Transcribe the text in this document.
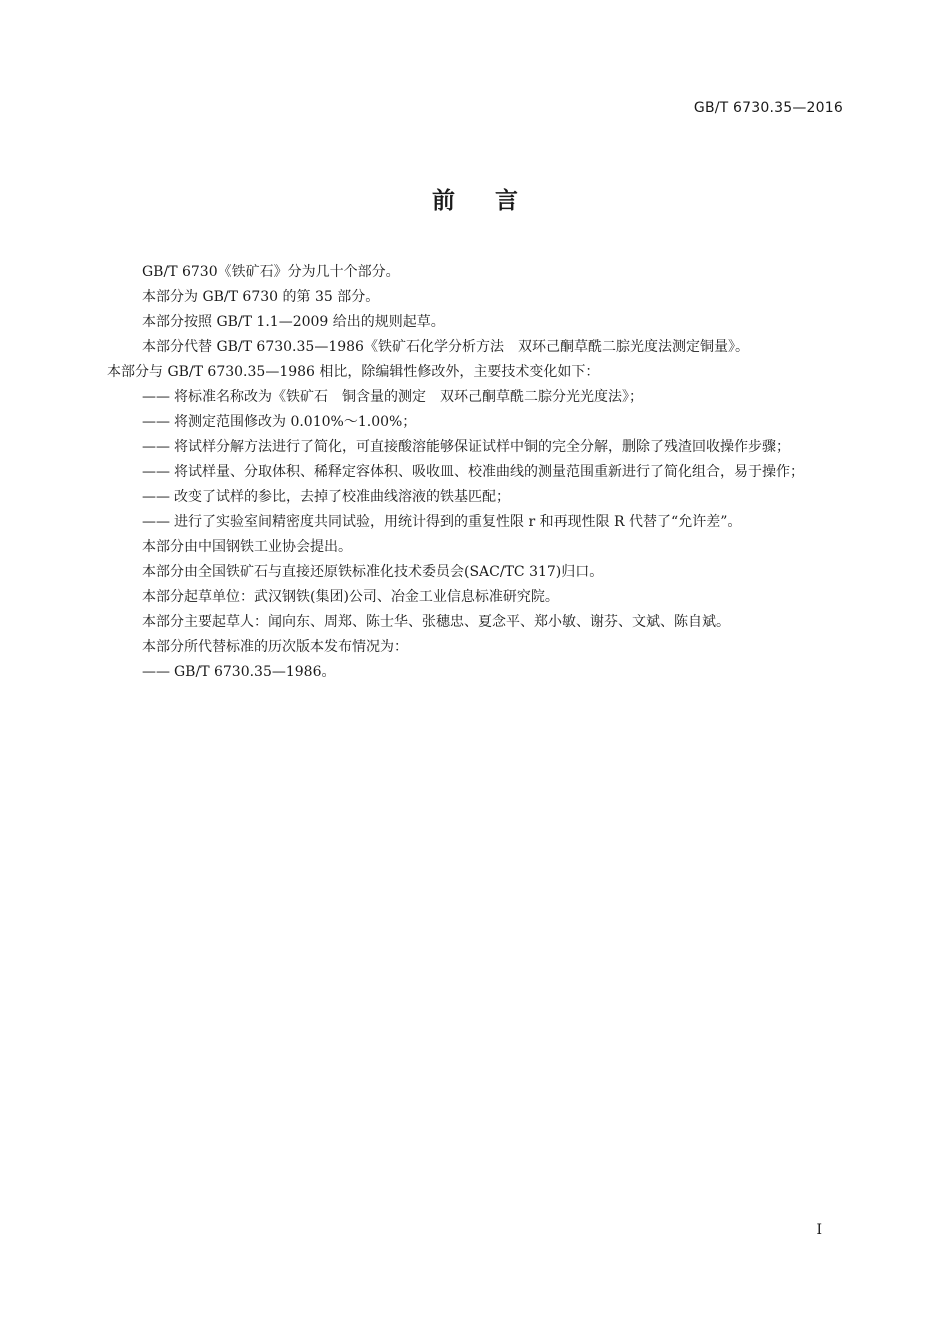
GB/T 6730.35—2016
前言

GB/T 6730《铁矿石》分为几十个部分。

本部分为 GB/T 6730 的第 35 部分。

本部分按照 GB/T 1.1—2009 给出的规则起草。

本部分代替 GB/T 6730.35—1986《铁矿石化学分析方法　双环己酮草酰二腙光度法测定铜量》。

本部分与 GB/T 6730.35—1986 相比，除编辑性修改外，主要技术变化如下：

—— 将标准名称改为《铁矿石　铜含量的测定　双环己酮草酰二腙分光光度法》；
—— 将测定范围修改为 0.010%～1.00%；
—— 将试样分解方法进行了简化，可直接酸溶能够保证试样中铜的完全分解，删除了残渣回收操作步骤；
—— 将试样量、分取体积、稀释定容体积、吸收皿、校准曲线的测量范围重新进行了简化组合，易于操作；
—— 改变了试样的参比，去掉了校准曲线溶液的铁基匹配；
—— 进行了实验室间精密度共同试验，用统计得到的重复性限 r 和再现性限 R 代替了“允许差”。

本部分由中国钢铁工业协会提出。

本部分由全国铁矿石与直接还原铁标准化技术委员会(SAC/TC 317)归口。

本部分起草单位：武汉钢铁(集团)公司、冶金工业信息标准研究院。

本部分主要起草人：闻向东、周郑、陈士华、张穗忠、夏念平、郑小敏、谢芬、文斌、陈自斌。

本部分所代替标准的历次版本发布情况为：

—— GB/T 6730.35—1986。
Ⅰ
